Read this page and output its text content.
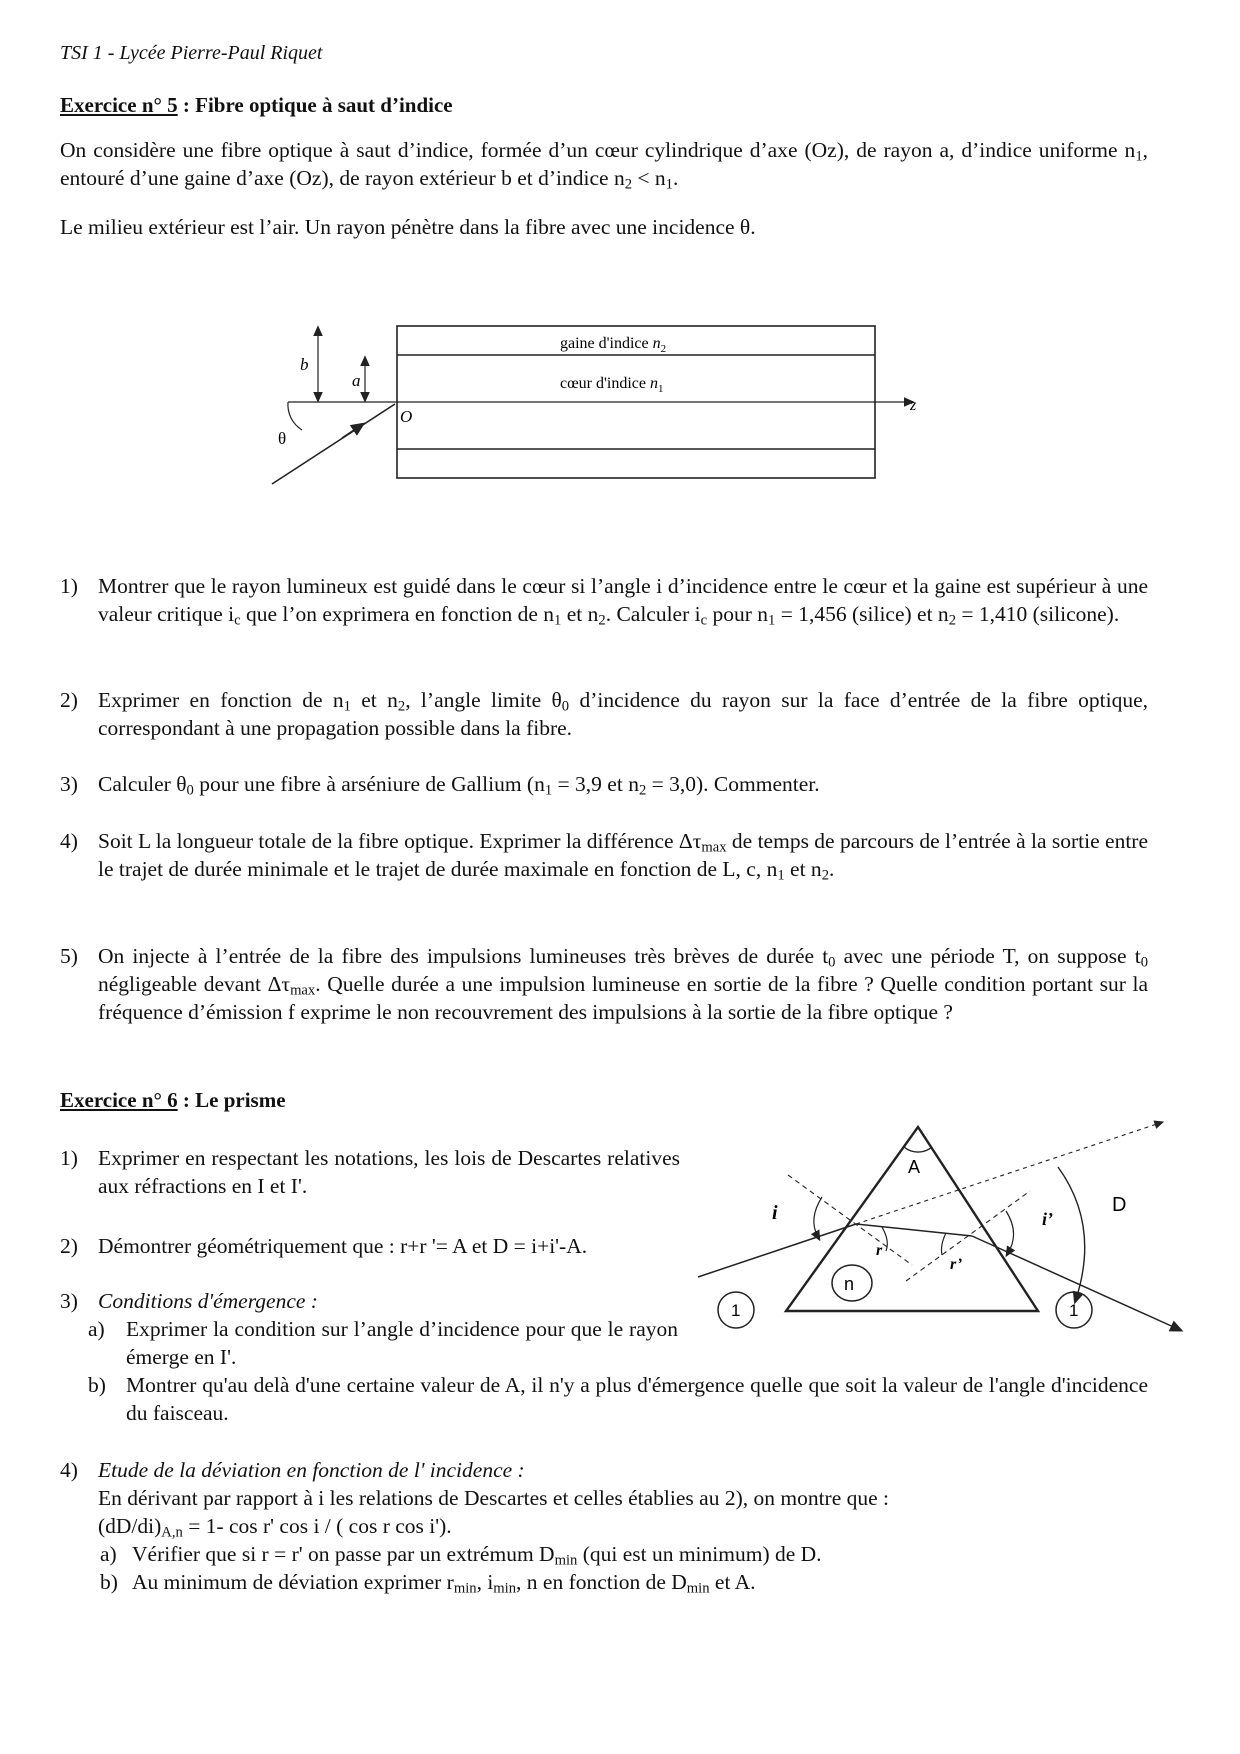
TSI 1 - Lycée Pierre-Paul Riquet
Exercice n° 5 : Fibre optique à saut d’indice
On considère une fibre optique à saut d’indice, formée d’un cœur cylindrique d’axe (Oz), de rayon a, d’indice uniforme $n_1$, entouré d’une gaine d’axe (Oz), de rayon extérieur b et d’indice $n_2 < n_1$.
Le milieu extérieur est l’air. Un rayon pénètre dans la fibre avec une incidence θ.
gaine d'indice $n_2$
cœur d'indice $n_1$
b
a
O
z
θ
1) Montrer que le rayon lumineux est guidé dans le cœur si l’angle i d’incidence entre le cœur et la gaine est supérieur à une valeur critique $i_c$ que l’on exprimera en fonction de $n_1$ et $n_2$. Calculer $i_c$ pour $n_1 = 1,456$ (silice) et $n_2 = 1,410$ (silicone).
2) Exprimer en fonction de $n_1$ et $n_2$, l’angle limite $\theta_0$ d’incidence du rayon sur la face d’entrée de la fibre optique, correspondant à une propagation possible dans la fibre.
3) Calculer $\theta_0$ pour une fibre à arséniure de Gallium ($n_1 = 3,9$ et $n_2 = 3,0$). Commenter.
4) Soit L la longueur totale de la fibre optique. Exprimer la différence $\Delta\tau_{max}$ de temps de parcours de l’entrée à la sortie entre le trajet de durée minimale et le trajet de durée maximale en fonction de L, c, $n_1$ et $n_2$.
5) On injecte à l’entrée de la fibre des impulsions lumineuses très brèves de durée $t_0$ avec une période T, on suppose $t_0$ négligeable devant $\Delta\tau_{max}$. Quelle durée a une impulsion lumineuse en sortie de la fibre ? Quelle condition portant sur la fréquence d’émission f exprime le non recouvrement des impulsions à la sortie de la fibre optique ?
Exercice n° 6 : Le prisme
1) Exprimer en respectant les notations, les lois de Descartes relatives aux réfractions en I et I'.
2) Démontrer géométriquement que : r+r '= A et D = i+i'-A.
3) Conditions d'émergence :
a) Exprimer la condition sur l’angle d’incidence pour que le rayon émerge en I'.
b) Montrer qu'au delà d'une certaine valeur de A, il n'y a plus d'émergence quelle que soit la valeur de l'angle d'incidence du faisceau.
4) Etude de la déviation en fonction de l' incidence :
En dérivant par rapport à i les relations de Descartes et celles établies au 2), on montre que :
$(dD/di)_{A,n} = 1-$ cos r' cos i / ( cos r cos i').
a) Vérifier que si r = r' on passe par un extrémum $D_{min}$ (qui est un minimum) de D.
b) Au minimum de déviation exprimer $r_{min}$, $i_{min}$, n en fonction de $D_{min}$ et A.
A
D
i	i’
r
r’
n
1	1
